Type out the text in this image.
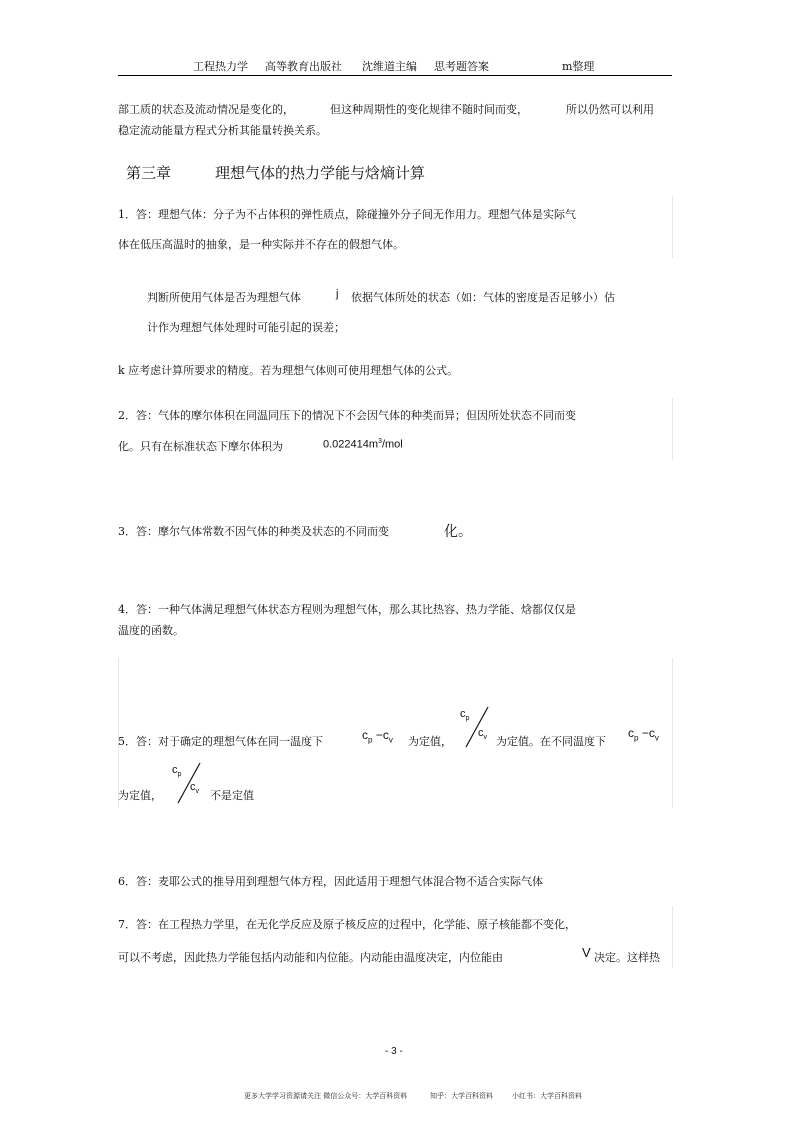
工程热力学 高等教育出版社 沈维道主编 思考题答案	m整理
部工质的状态及流动情况是变化的，	但这种周期性的变化规律不随时间而变，	所以仍然可以利用
稳定流动能量方程式分析其能量转换关系。
第三章	理想气体的热力学能与焓熵计算
1．答：理想气体：分子为不占体积的弹性质点，除碰撞外分子间无作用力。理想气体是实际气
体在低压高温时的抽象，是一种实际并不存在的假想气体。
判断所使用气体是否为理想气体	j 依据气体所处的状态（如：气体的密度是否足够小）估
计作为理想气体处理时可能引起的误差；
k 应考虑计算所要求的精度。若为理想气体则可使用理想气体的公式。
2．答：气体的摩尔体积在同温同压下的情况下不会因气体的种类而异；但因所处状态不同而变
化。只有在标准状态下摩尔体积为	$0.022414m^3$/mol
3．答：摩尔气体常数不因气体的种类及状态的不同而变	化。
4．答：一种气体满足理想气体状态方程则为理想气体，那么其比热容、热力学能、焓都仅仅是
温度的函数。
5．答：对于确定的理想气体在同一温度下	$c_p -c_v$ 为定值，
$c_p$
$c_v$ 为定值。在不同温度下
$c_p -c_v$
为定值，
$c_p$
$c_v$ 不是定值
6．答：麦耶公式的推导用到理想气体方程，因此适用于理想气体混合物不适合实际气体
7．答：在工程热力学里，在无化学反应及原子核反应的过程中，化学能、原子核能都不变化，
可以不考虑，因此热力学能包括内动能和内位能。内动能由温度决定，内位能由	V 决定。这样热
- 3 -
更多大学学习资源请关注 微信公众号：大学百科资料	知乎：大学百科资料	小红书：大学百科资料
